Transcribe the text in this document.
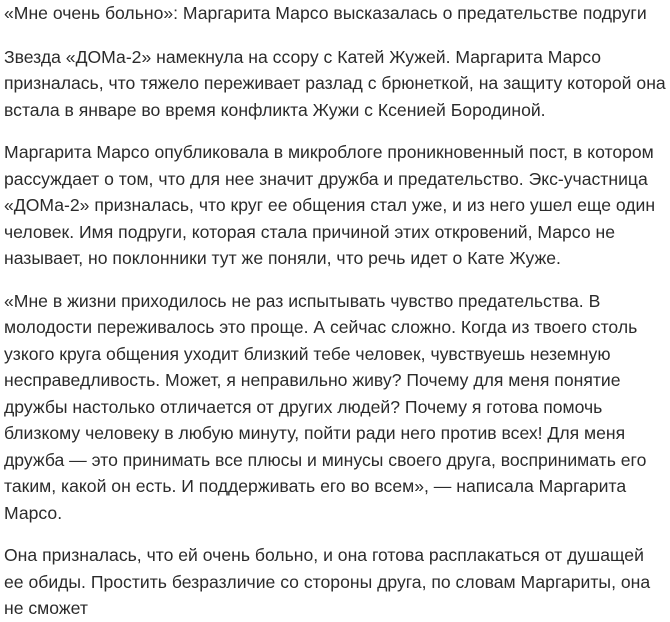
«Мне очень больно»: Маргарита Марсо высказалась о предательстве подруги

Звезда «ДОМа-2» намекнула на ссору с Катей Жужей. Маргарита Марсо призналась, что тяжело переживает разлад с брюнеткой, на защиту которой она встала в январе во время конфликта Жужи с Ксенией Бородиной.

Маргарита Марсо опубликовала в микроблоге проникновенный пост, в котором рассуждает о том, что для нее значит дружба и предательство. Экс-участница «ДОМа-2» призналась, что круг ее общения стал уже, и из него ушел еще один человек. Имя подруги, которая стала причиной этих откровений, Марсо не называет, но поклонники тут же поняли, что речь идет о Кате Жуже.

«Мне в жизни приходилось не раз испытывать чувство предательства. В молодости переживалось это проще. А сейчас сложно. Когда из твоего столь узкого круга общения уходит близкий тебе человек, чувствуешь неземную несправедливость. Может, я неправильно живу? Почему для меня понятие дружбы настолько отличается от других людей? Почему я готова помочь близкому человеку в любую минуту, пойти ради него против всех! Для меня дружба — это принимать все плюсы и минусы своего друга, воспринимать его таким, какой он есть. И поддерживать его во всем», — написала Маргарита Марсо.

Она призналась, что ей очень больно, и она готова расплакаться от душащей ее обиды. Простить безразличие со стороны друга, по словам Маргариты, она не сможет
